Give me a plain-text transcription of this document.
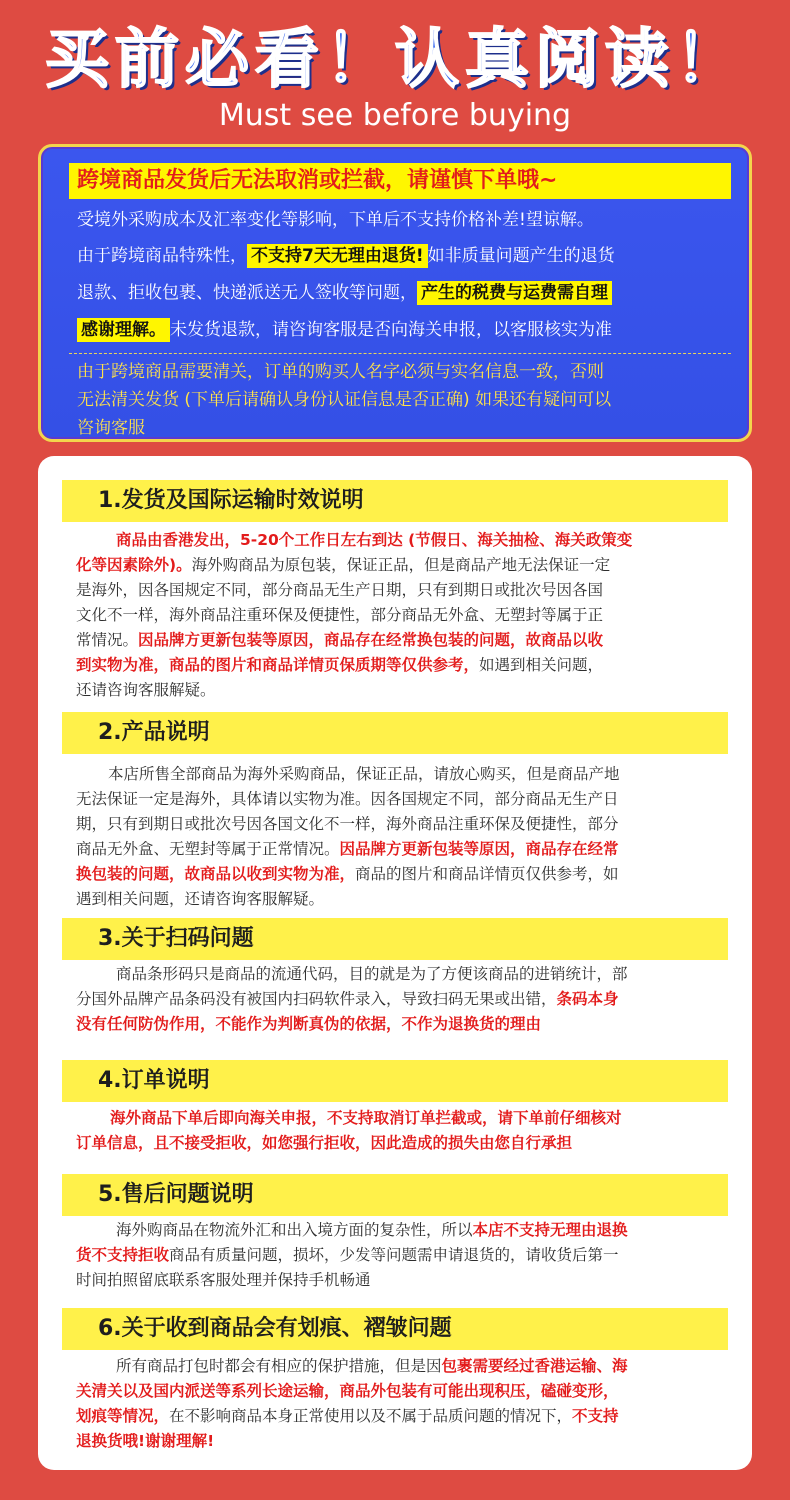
买前必看！认真阅读！
Must see before buying
跨境商品发货后无法取消或拦截，请谨慎下单哦~
受境外采购成本及汇率变化等影响，下单后不支持价格补差!望谅解。
由于跨境商品特殊性， 不支持7天无理由退货! 如非质量问题产生的退货
退款、拒收包裹、快递派送无人签收等问题， 产生的税费与运费需自理
感谢理解。 未发货退款，请咨询客服是否向海关申报，以客服核实为准
由于跨境商品需要清关，订单的购买人名字必须与实名信息一致，否则
无法清关发货 (下单后请确认身份认证信息是否正确) 如果还有疑问可以
咨询客服
1.发货及国际运输时效说明
商品由香港发出，5-20个工作日左右到达 (节假日、海关抽检、海关政策变
化等因素除外)。海外购商品为原包装，保证正品，但是商品产地无法保证一定
是海外，因各国规定不同，部分商品无生产日期，只有到期日或批次号因各国
文化不一样，海外商品注重环保及便捷性，部分商品无外盒、无塑封等属于正
常情况。因品牌方更新包装等原因，商品存在经常换包装的问题，故商品以收
到实物为准，商品的图片和商品详情页保质期等仅供参考，如遇到相关问题，
还请咨询客服解疑。
2.产品说明
本店所售全部商品为海外采购商品，保证正品，请放心购买，但是商品产地
无法保证一定是海外，具体请以实物为准。因各国规定不同，部分商品无生产日
期，只有到期日或批次号因各国文化不一样，海外商品注重环保及便捷性，部分
商品无外盒、无塑封等属于正常情况。因品牌方更新包装等原因，商品存在经常
换包装的问题，故商品以收到实物为准，商品的图片和商品详情页仅供参考，如
遇到相关问题，还请咨询客服解疑。
3.关于扫码问题
商品条形码只是商品的流通代码，目的就是为了方便该商品的进销统计，部
分国外品牌产品条码没有被国内扫码软件录入，导致扫码无果或出错，条码本身
没有任何防伪作用，不能作为判断真伪的依据，不作为退换货的理由
4.订单说明
海外商品下单后即向海关申报，不支持取消订单拦截或，请下单前仔细核对
订单信息，且不接受拒收，如您强行拒收，因此造成的损失由您自行承担
5.售后问题说明
海外购商品在物流外汇和出入境方面的复杂性，所以本店不支持无理由退换
货不支持拒收商品有质量问题，损坏，少发等问题需申请退货的，请收货后第一
时间拍照留底联系客服处理并保持手机畅通
6.关于收到商品会有划痕、褶皱问题
所有商品打包时都会有相应的保护措施，但是因包裹需要经过香港运输、海
关清关以及国内派送等系列长途运输，商品外包装有可能出现积压，磕碰变形，
划痕等情况，在不影响商品本身正常使用以及不属于品质问题的情况下，不支持
退换货哦!谢谢理解!
